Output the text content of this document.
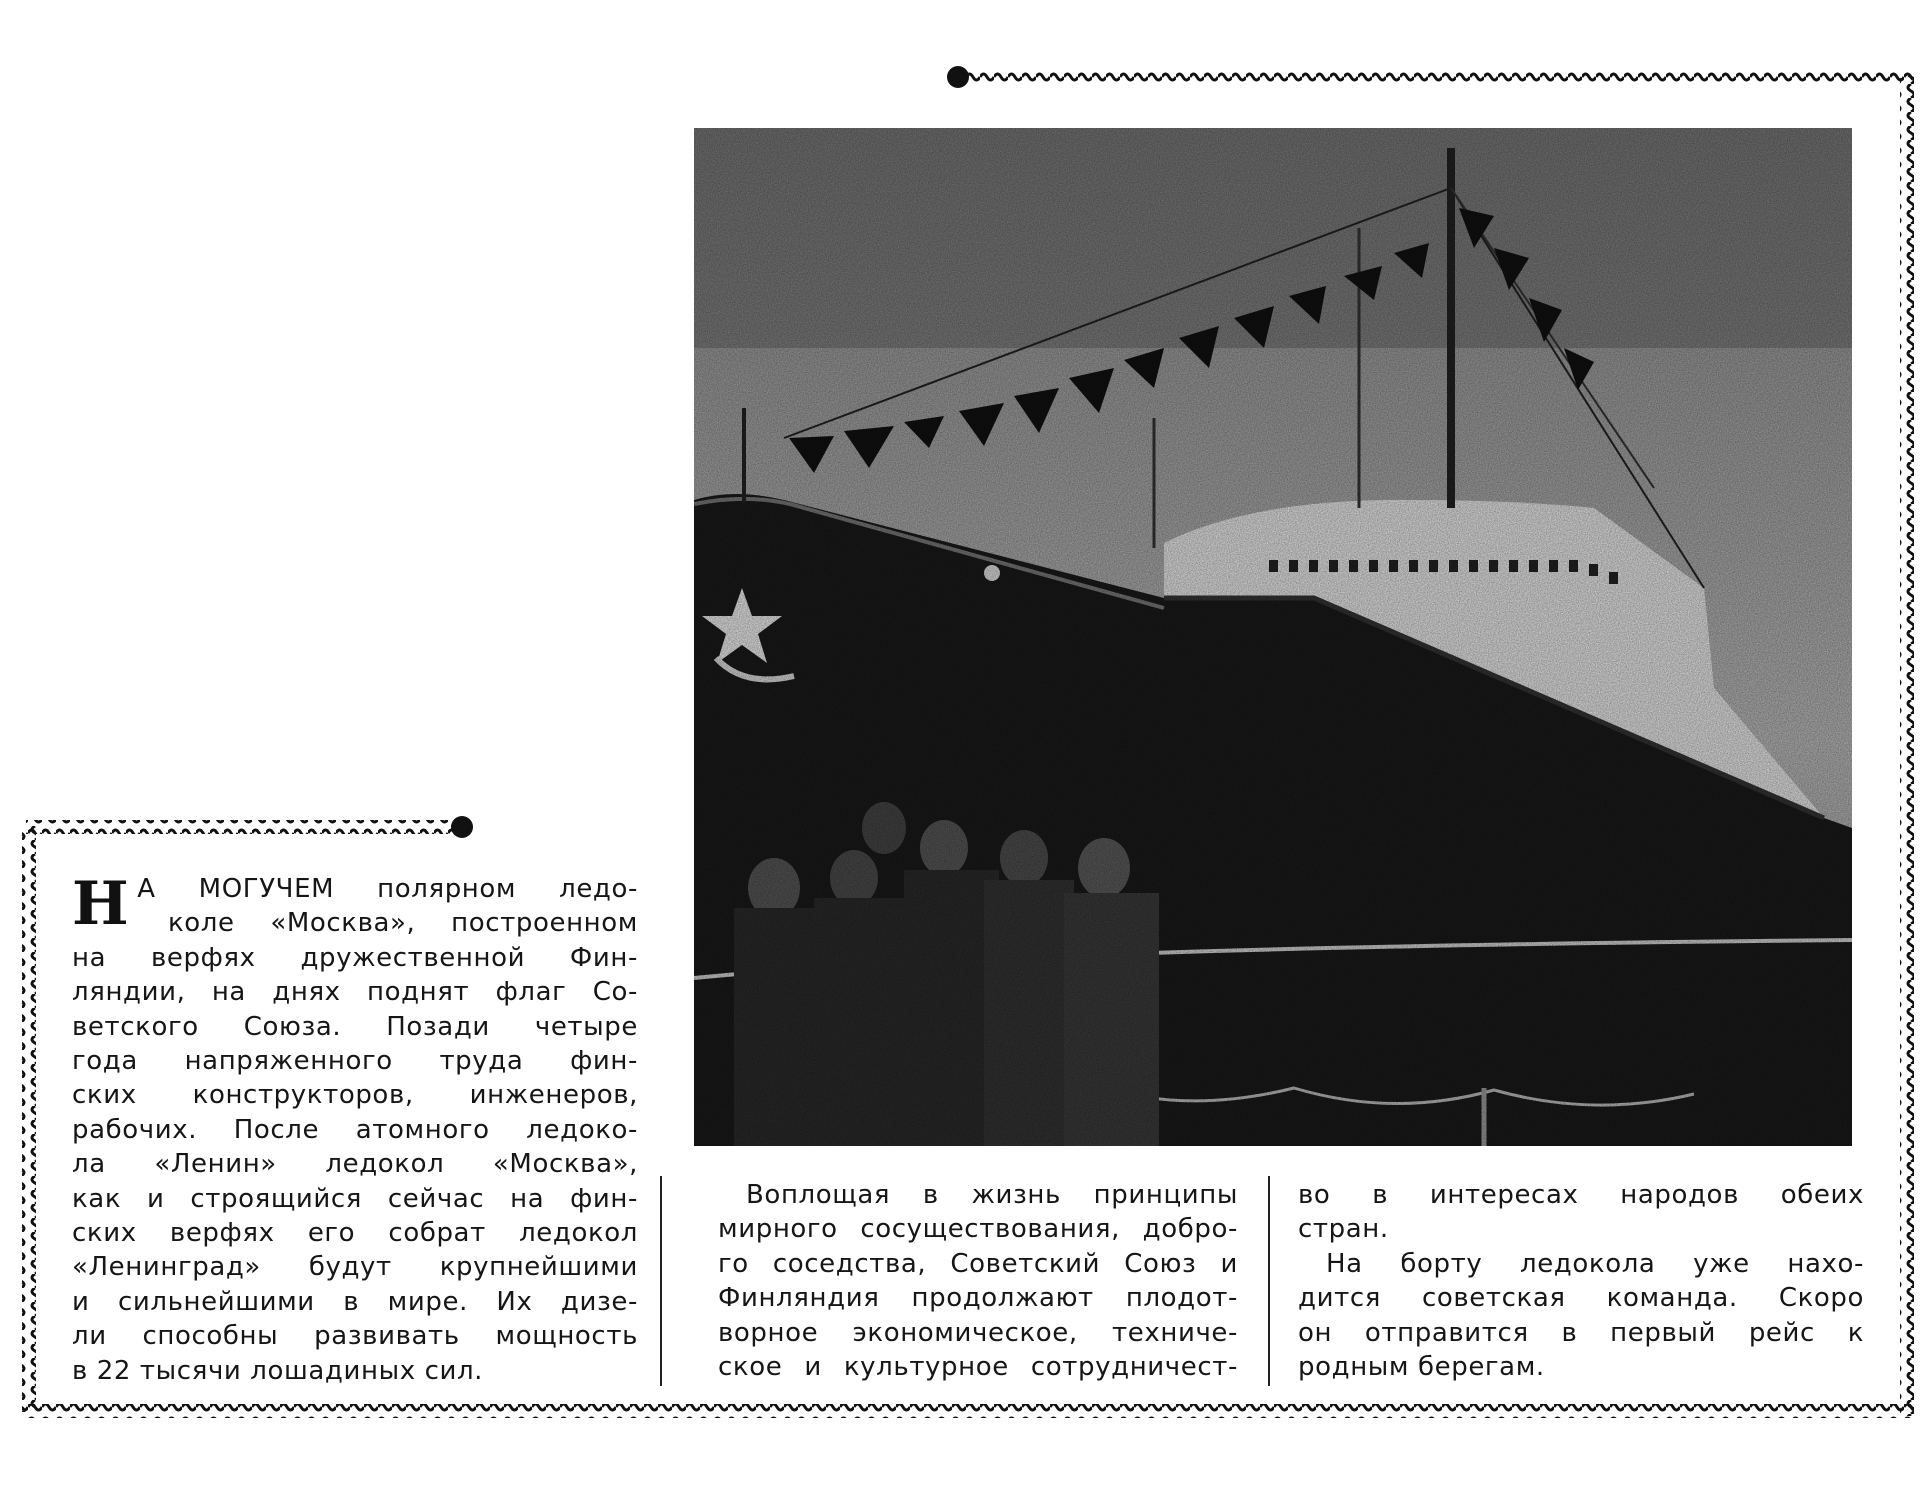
Н А МОГУЧЕМ полярном ледо-
коле «Москва», построенном
на верфях дружественной Фин-
ляндии, на днях поднят флаг Со-
ветского Союза. Позади четыре
года напряженного труда фин-
ских конструкторов, инженеров,
рабочих. После атомного ледоко-
ла «Ленин» ледокол «Москва»,
как и строящийся сейчас на фин-
ских верфях его собрат ледокол
«Ленинград» будут крупнейшими
и сильнейшими в мире. Их дизе-
ли способны развивать мощность
в 22 тысячи лошадиных сил.
Воплощая в жизнь принципы
мирного сосуществования, добро-
го соседства, Советский Союз и
Финляндия продолжают плодот-
ворное экономическое, техниче-
ское и культурное сотрудничест-
во в интересах народов обеих
стран.
На борту ледокола уже нахо-
дится советская команда. Скоро
он отправится в первый рейс к
родным берегам.
